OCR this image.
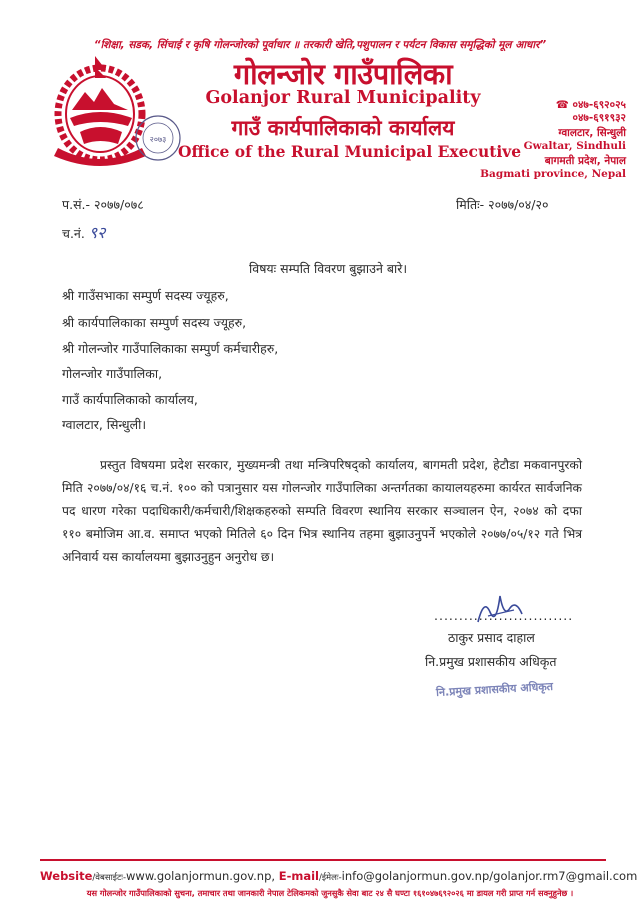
“शिक्षा, सडक, सिंचाई र कृषि गोलन्जोरको पूर्वाधार ॥ तरकारी खेति,पशुपालन र पर्यटन विकास समृद्धिको मूल आधार”
२०७३
गोलन्जोर गाउँपालिका
Golanjor Rural Municipality
गाउँ कार्यपालिकाको कार्यालय
Office of the Rural Municipal Executive
☎ ०४७-६९२०२५
०४७-६९१९३२
ग्वालटार, सिन्धुली
Gwaltar, Sindhuli
बागमती प्रदेश, नेपाल
Bagmati province, Nepal
प.सं.- २०७७/०७८
च.नं. ९२
मितिः- २०७७/०४/२०
विषयः सम्पति विवरण बुझाउने बारे।
श्री गाउँसभाका सम्पुर्ण सदस्य ज्यूहरु,
श्री कार्यपालिकाका सम्पुर्ण सदस्य ज्यूहरु,
श्री गोलन्जोर गाउँपालिकाका सम्पुर्ण कर्मचारीहरु,
गोलन्जोर गाउँपालिका,
गाउँ कार्यपालिकाको कार्यालय,
ग्वालटार, सिन्धुली।
प्रस्तुत विषयमा प्रदेश सरकार, मुख्यमन्त्री तथा मन्त्रिपरिषद्को कार्यालय, बागमती प्रदेश, हेटौडा मकवानपुरको मिति २०७७/०४/१६ च.नं. १०० को पत्रानुसार यस गोलन्जोर गाउँपालिका अन्तर्गतका कायालयहरुमा कार्यरत सार्वजनिक पद धारण गरेका पदाधिकारी/कर्मचारी/शिक्षकहरुको सम्पति विवरण स्थानिय सरकार सञ्चालन ऐन, २०७४ को दफा ११० बमोजिम आ.व. समाप्त भएको मितिले ६० दिन भित्र स्थानिय तहमा बुझाउनुपर्ने भएकोले २०७७/०५/१२ गते भित्र अनिवार्य यस कार्यालयमा बुझाउनुहुन अनुरोध छ।
............................
ठाकुर प्रसाद दाहाल
नि.प्रमुख प्रशासकीय अधिकृत
नि.प्रमुख प्रशासकीय अधिकृत
Website/वेबसाईटः-www.golanjormun.gov.np, E-mail/ईमेलः-info@golanjormun.gov.np/golanjor.rm7@gmail.com
यस गोलन्जोर गाउँपालिकाको सुचना, तमाचार तथा जानकारी नेपाल टेलिकमको जुनसुकै सेवा बाट २४ सै घण्टा १६१०४७६९२०२६ मा डायल गरी प्राप्त गर्न सक्नुहुनेछ ।
